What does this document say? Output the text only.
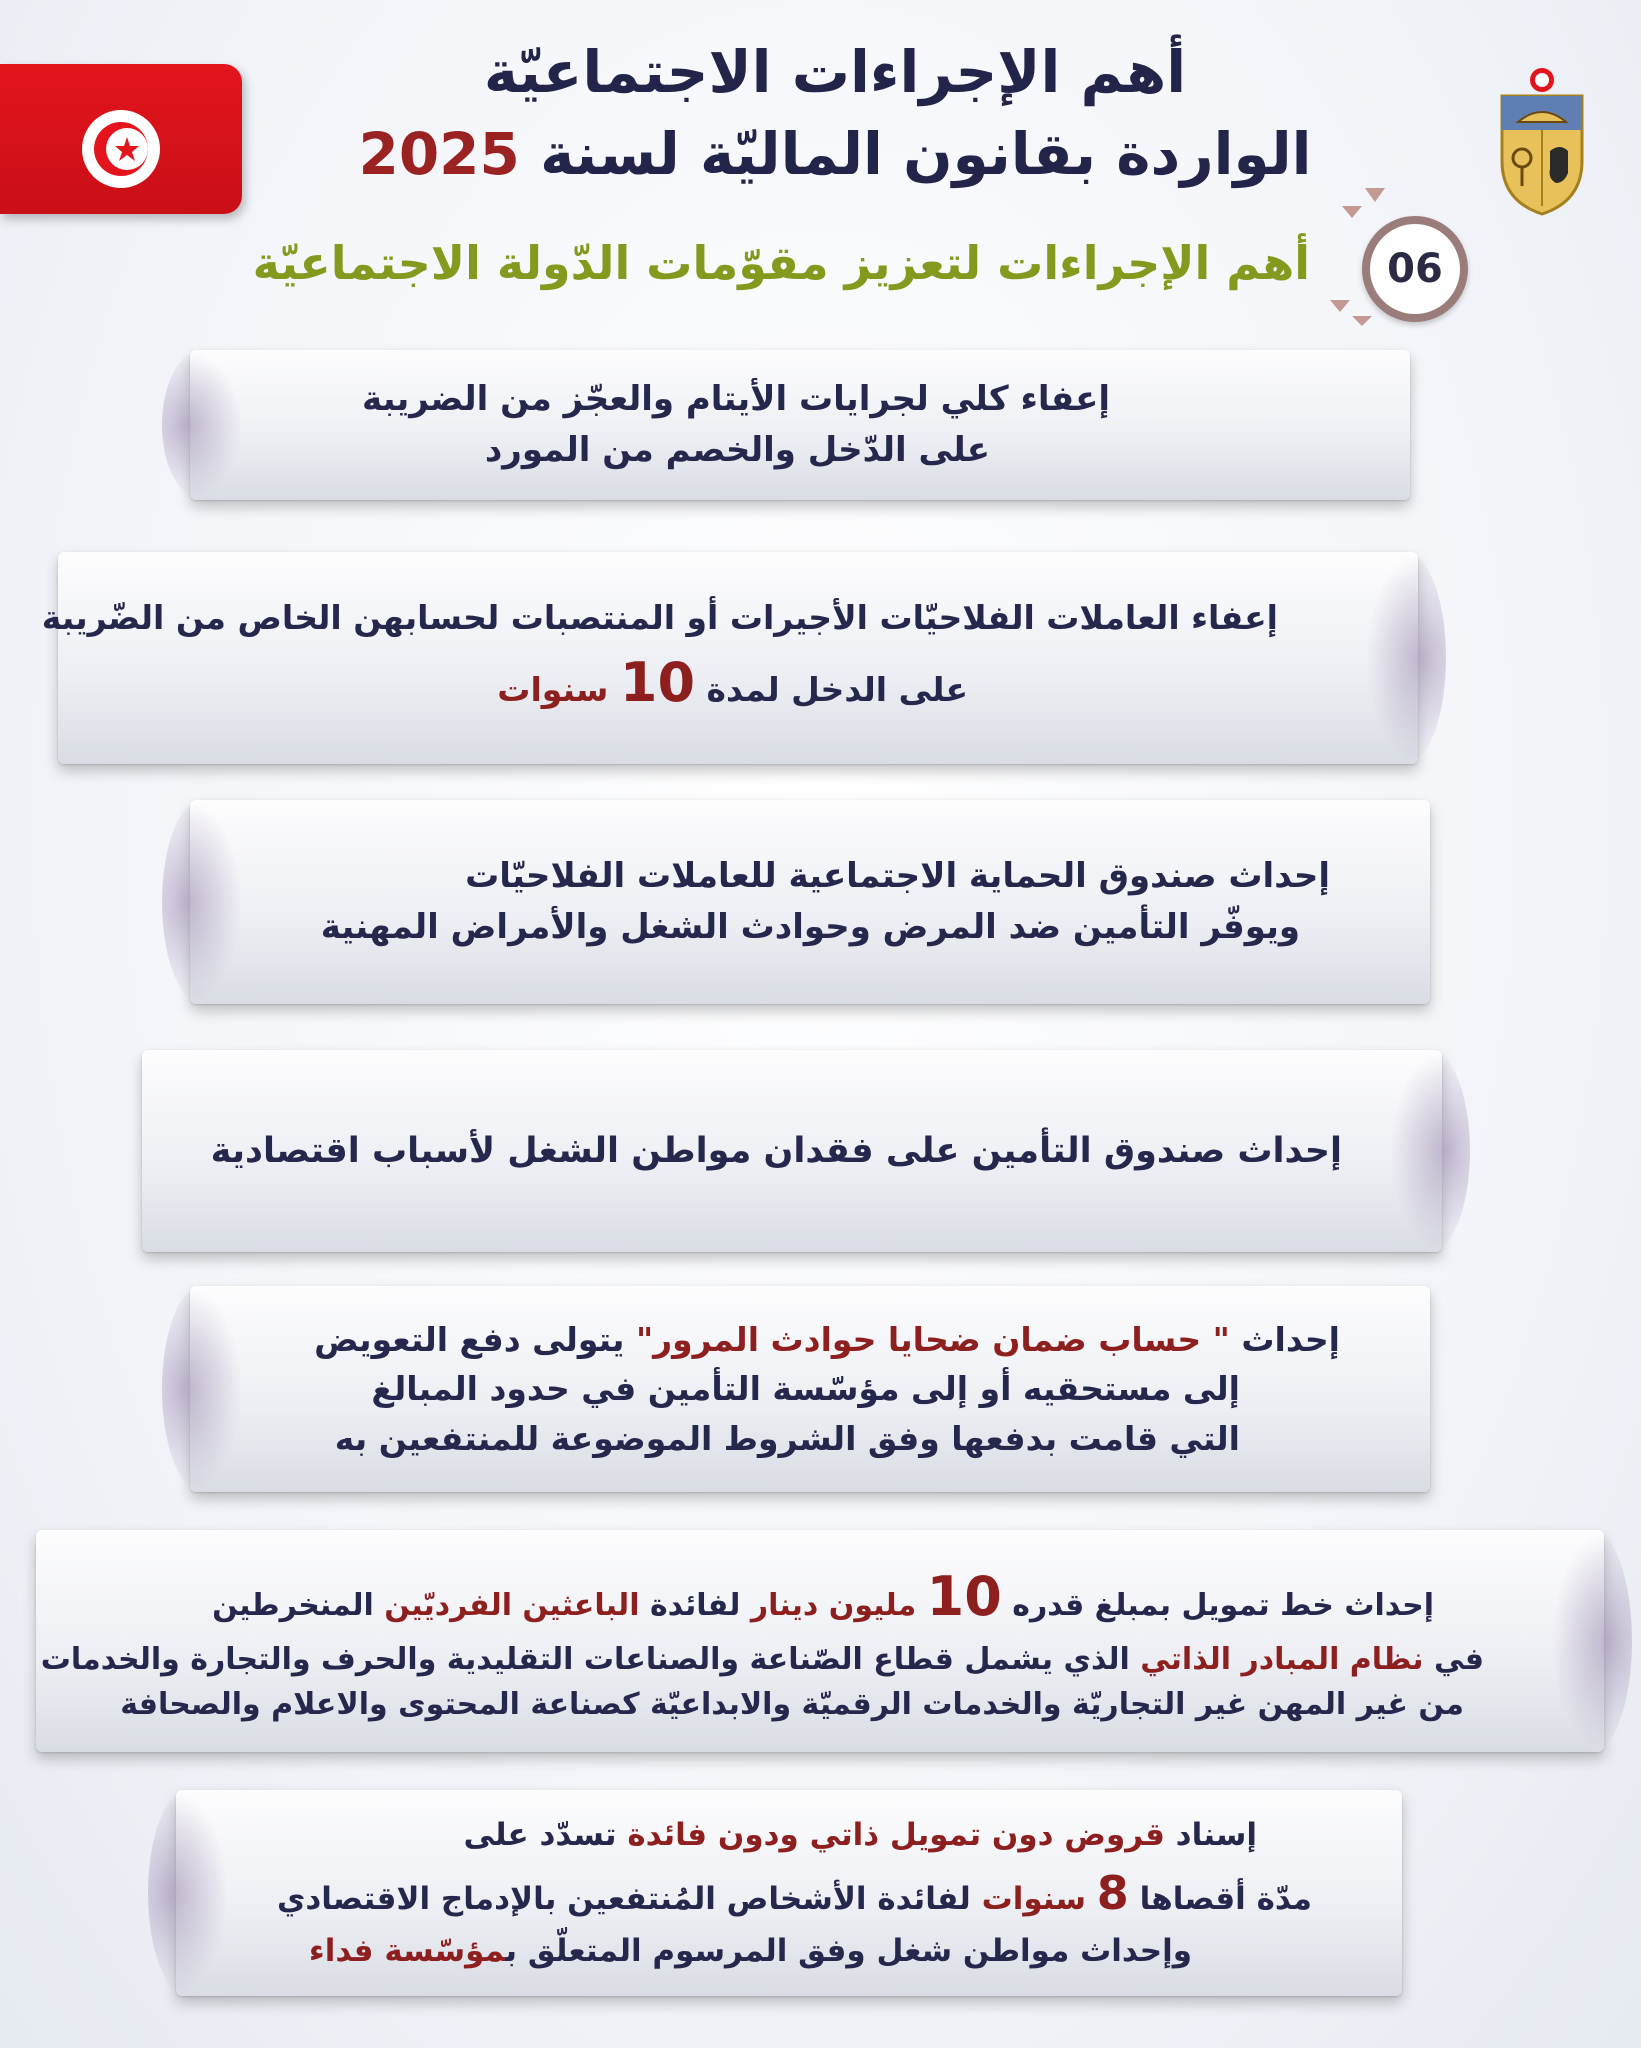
أهم الإجراءات الاجتماعيّة
الواردة بقانون الماليّة لسنة 2025
06
أهم الإجراءات لتعزيز مقوّمات الدّولة الاجتماعيّة
إعفاء كلي لجرايات الأيتام والعجّز من الضريبة
على الدّخل والخصم من المورد
إعفاء العاملات الفلاحيّات الأجيرات أو المنتصبات لحسابهن الخاص من الضّريبة
على الدخل لمدة 10 سنوات
إحداث صندوق الحماية الاجتماعية للعاملات الفلاحيّات
ويوفّر التأمين ضد المرض وحوادث الشغل والأمراض المهنية
إحداث صندوق التأمين على فقدان مواطن الشغل لأسباب اقتصادية
إحداث " حساب ضمان ضحايا حوادث المرور" يتولى دفع التعويض
إلى مستحقيه أو إلى مؤسّسة التأمين في حدود المبالغ
التي قامت بدفعها وفق الشروط الموضوعة للمنتفعين به
إحداث خط تمويل بمبلغ قدره 10 مليون دينار لفائدة الباعثين الفرديّين المنخرطين
في نظام المبادر الذاتي الذي يشمل قطاع الصّناعة والصناعات التقليدية والحرف والتجارة والخدمات
من غير المهن غير التجاريّة والخدمات الرقميّة والابداعيّة كصناعة المحتوى والاعلام والصحافة
إسناد قروض دون تمويل ذاتي ودون فائدة تسدّد على
مدّة أقصاها 8 سنوات لفائدة الأشخاص المُنتفعين بالإدماج الاقتصادي
وإحداث مواطن شغل وفق المرسوم المتعلّق بمؤسّسة فداء
